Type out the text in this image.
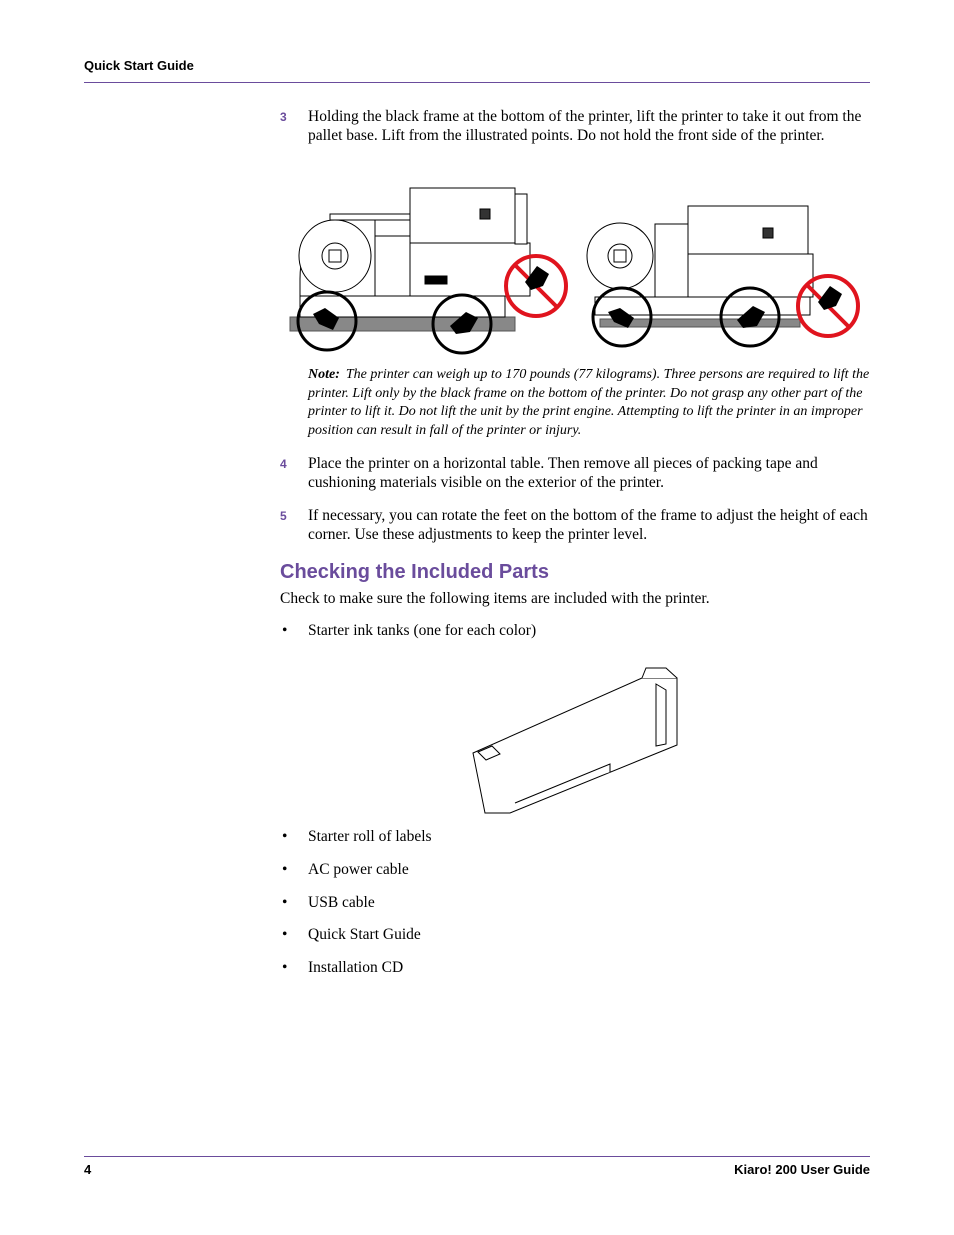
Quick Start Guide
3 Holding the black frame at the bottom of the printer, lift the printer to take it out from the pallet base. Lift from the illustrated points. Do not hold the front side of the printer.
Note: The printer can weigh up to 170 pounds (77 kilograms). Three persons are required to lift the printer. Lift only by the black frame on the bottom of the printer. Do not grasp any other part of the printer to lift it. Do not lift the unit by the print engine. Attempting to lift the printer in an improper position can result in fall of the printer or injury.
4 Place the printer on a horizontal table. Then remove all pieces of packing tape and cushioning materials visible on the exterior of the printer.
5 If necessary, you can rotate the feet on the bottom of the frame to adjust the height of each corner. Use these adjustments to keep the printer level.
Checking the Included Parts
Check to make sure the following items are included with the printer.
• Starter ink tanks (one for each color)
• Starter roll of labels
• AC power cable
• USB cable
• Quick Start Guide
• Installation CD
4	Kiaro! 200 User Guide
